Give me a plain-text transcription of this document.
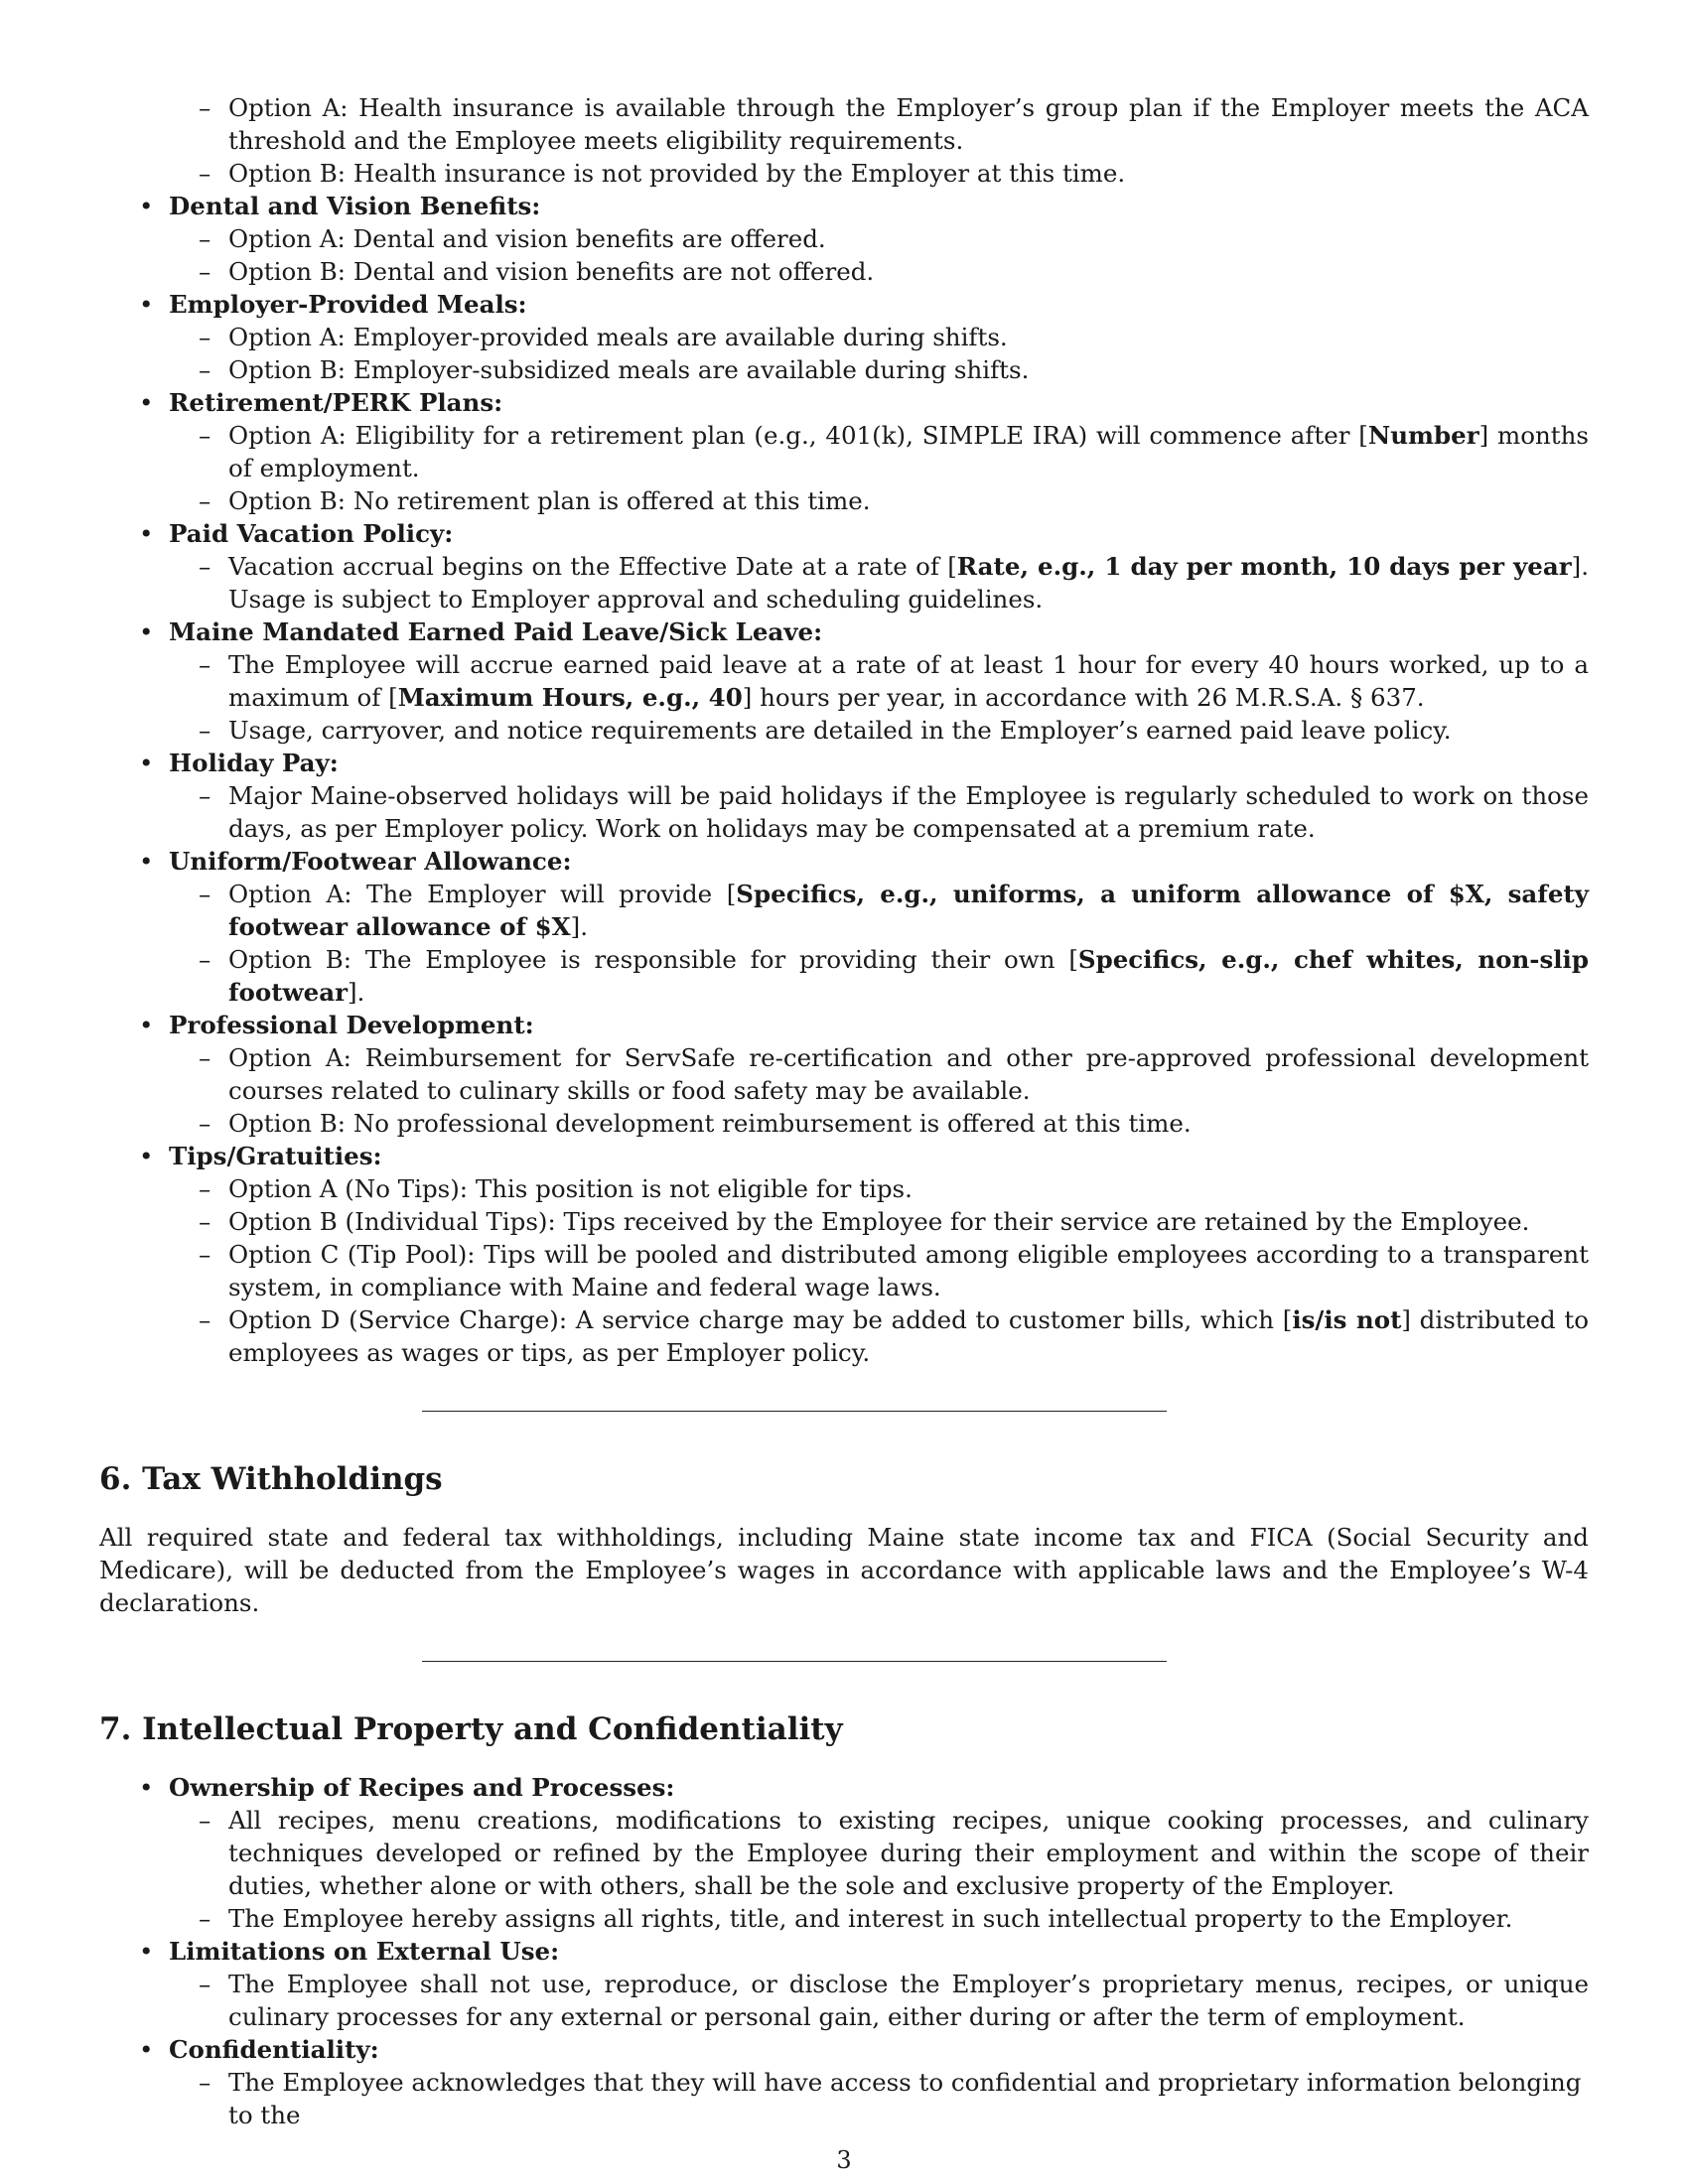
– Option A: Health insurance is available through the Employer’s group plan if the Employer meets the ACA threshold and the Employee meets eligibility requirements.
– Option B: Health insurance is not provided by the Employer at this time.
• Dental and Vision Benefits:
– Option A: Dental and vision benefits are offered.
– Option B: Dental and vision benefits are not offered.
• Employer-Provided Meals:
– Option A: Employer-provided meals are available during shifts.
– Option B: Employer-subsidized meals are available during shifts.
• Retirement/PERK Plans:
– Option A: Eligibility for a retirement plan (e.g., 401(k), SIMPLE IRA) will commence after [Number] months of employment.
– Option B: No retirement plan is offered at this time.
• Paid Vacation Policy:
– Vacation accrual begins on the Effective Date at a rate of [Rate, e.g., 1 day per month, 10 days per year]. Usage is subject to Employer approval and scheduling guidelines.
• Maine Mandated Earned Paid Leave/Sick Leave:
– The Employee will accrue earned paid leave at a rate of at least 1 hour for every 40 hours worked, up to a maximum of [Maximum Hours, e.g., 40] hours per year, in accordance with 26 M.R.S.A. § 637.
– Usage, carryover, and notice requirements are detailed in the Employer’s earned paid leave policy.
• Holiday Pay:
– Major Maine-observed holidays will be paid holidays if the Employee is regularly scheduled to work on those days, as per Employer policy. Work on holidays may be compensated at a premium rate.
• Uniform/Footwear Allowance:
– Option A: The Employer will provide [Specifics, e.g., uniforms, a uniform allowance of $X, safety footwear allowance of $X].
– Option B: The Employee is responsible for providing their own [Specifics, e.g., chef whites, non-slip footwear].
• Professional Development:
– Option A: Reimbursement for ServSafe re-certification and other pre-approved professional development courses related to culinary skills or food safety may be available.
– Option B: No professional development reimbursement is offered at this time.
• Tips/Gratuities:
– Option A (No Tips): This position is not eligible for tips.
– Option B (Individual Tips): Tips received by the Employee for their service are retained by the Employee.
– Option C (Tip Pool): Tips will be pooled and distributed among eligible employees according to a transparent system, in compliance with Maine and federal wage laws.
– Option D (Service Charge): A service charge may be added to customer bills, which [is/is not] distributed to employees as wages or tips, as per Employer policy.
6. Tax Withholdings

All required state and federal tax withholdings, including Maine state income tax and FICA (Social Security and Medicare), will be deducted from the Employee’s wages in accordance with applicable laws and the Employee’s W-4 declarations.

7. Intellectual Property and Confidentiality
• Ownership of Recipes and Processes:
– All recipes, menu creations, modifications to existing recipes, unique cooking processes, and culinary techniques developed or refined by the Employee during their employment and within the scope of their duties, whether alone or with others, shall be the sole and exclusive property of the Employer.
– The Employee hereby assigns all rights, title, and interest in such intellectual property to the Employer.
• Limitations on External Use:
– The Employee shall not use, reproduce, or disclose the Employer’s proprietary menus, recipes, or unique culinary processes for any external or personal gain, either during or after the term of employment.
• Confidentiality:
– The Employee acknowledges that they will have access to confidential and proprietary information belonging to the
3
